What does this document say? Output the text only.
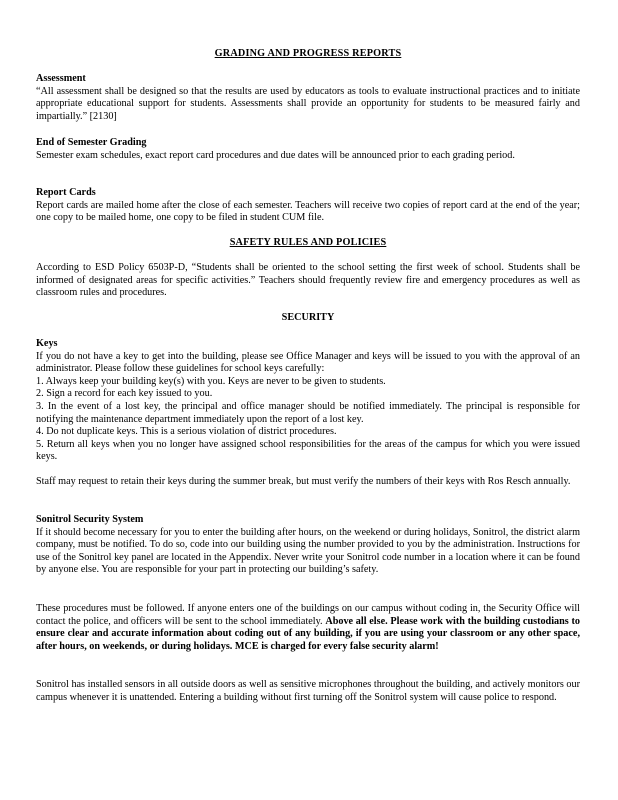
GRADING AND PROGRESS REPORTS
Assessment

“All assessment shall be designed so that the results are used by educators as tools to evaluate instructional practices and to initiate appropriate educational support for students. Assessments shall provide an opportunity for students to be measured fairly and impartially.” [2130]

End of Semester Grading

Semester exam schedules, exact report card procedures and due dates will be announced prior to each grading period.

Report Cards

Report cards are mailed home after the close of each semester. Teachers will receive two copies of report card at the end of the year; one copy to be mailed home, one copy to be filed in student CUM file.

SAFETY RULES AND POLICIES

According to ESD Policy 6503P-D, “Students shall be oriented to the school setting the first week of school. Students shall be informed of designated areas for specific activities.” Teachers should frequently review fire and emergency procedures as well as classroom rules and procedures.

SECURITY
Keys

If you do not have a key to get into the building, please see Office Manager and keys will be issued to you with the approval of an administrator. Please follow these guidelines for school keys carefully:

1. Always keep your building key(s) with you. Keys are never to be given to students.

2. Sign a record for each key issued to you.

3. In the event of a lost key, the principal and office manager should be notified immediately. The principal is responsible for notifying the maintenance department immediately upon the report of a lost key.

4. Do not duplicate keys. This is a serious violation of district procedures.

5. Return all keys when you no longer have assigned school responsibilities for the areas of the campus for which you were issued keys.

Staff may request to retain their keys during the summer break, but must verify the numbers of their keys with Ros Resch annually.

Sonitrol Security System

If it should become necessary for you to enter the building after hours, on the weekend or during holidays, Sonitrol, the district alarm company, must be notified. To do so, code into our building using the number provided to you by the administration. Instructions for use of the Sonitrol key panel are located in the Appendix. Never write your Sonitrol code number in a location where it can be found by anyone else. You are responsible for your part in protecting our building’s safety.

These procedures must be followed. If anyone enters one of the buildings on our campus without coding in, the Security Office will contact the police, and officers will be sent to the school immediately. Above all else. Please work with the building custodians to ensure clear and accurate information about coding out of any building, if you are using your classroom or any other space, after hours, on weekends, or during holidays. MCE is charged for every false security alarm!

Sonitrol has installed sensors in all outside doors as well as sensitive microphones throughout the building, and actively monitors our campus whenever it is unattended. Entering a building without first turning off the Sonitrol system will cause police to respond.
